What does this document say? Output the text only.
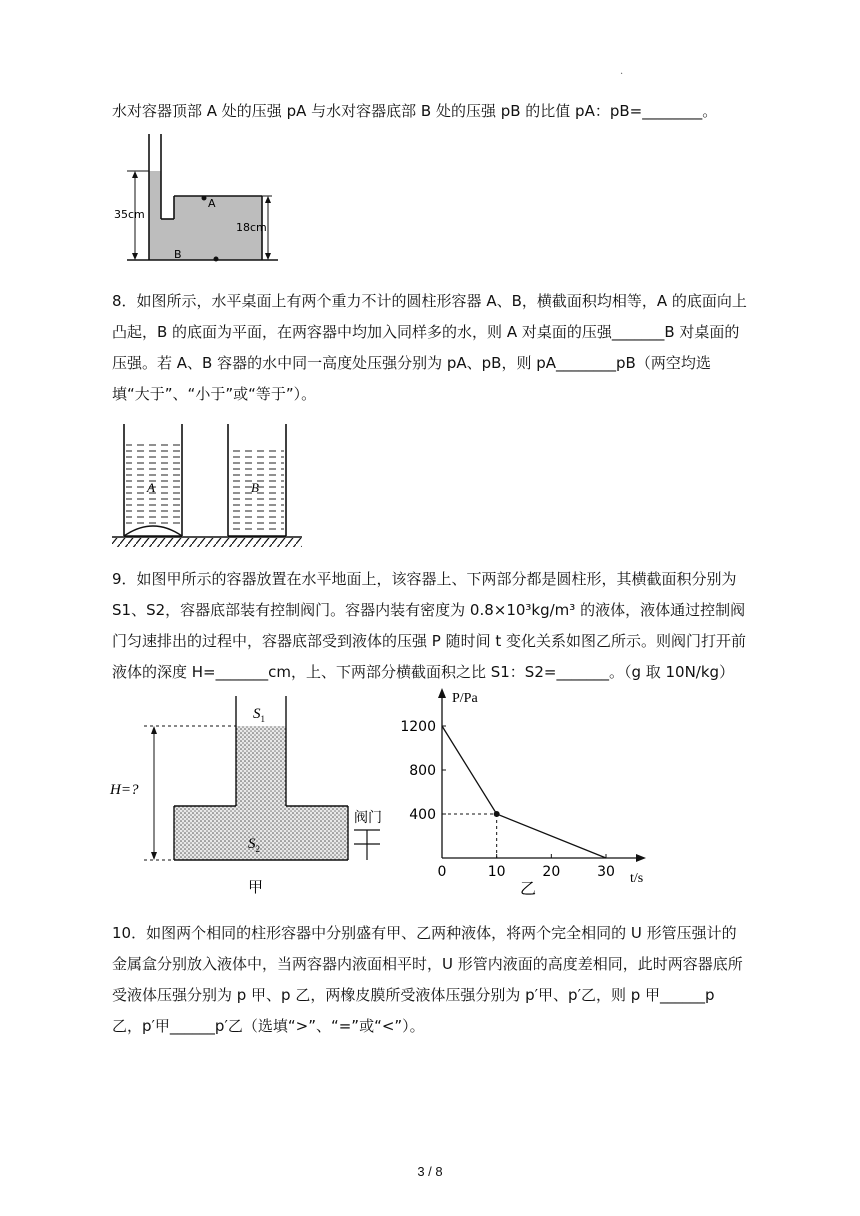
.
水对容器顶部 A 处的压强 pA 与水对容器底部 B 处的压强 pB 的比值 pA：pB=________。
35cm
18cm
A
B
8．如图所示，水平桌面上有两个重力不计的圆柱形容器 A、B，横截面积均相等，A 的底面向上凸起，B 的底面为平面，在两容器中均加入同样多的水，则 A 对桌面的压强_______B 对桌面的压强。若 A、B 容器的水中同一高度处压强分别为 pA、pB，则 pA________pB（两空均选填“大于”、“小于”或“等于”）。
A	B
9．如图甲所示的容器放置在水平地面上，该容器上、下两部分都是圆柱形，其横截面积分别为 S1、S2，容器底部装有控制阀门。容器内装有密度为 0.8×10³kg/m³ 的液体，液体通过控制阀门匀速排出的过程中，容器底部受到液体的压强 P 随时间 t 变化关系如图乙所示。则阀门打开前液体的深度 H=_______cm，上、下两部分横截面积之比 S1：S2=_______。（g 取 10N/kg）
H=?
$S_1$
$S_2$
阀门
甲
P/Pa
t/s
0	10	20	30
400
800
1200
乙
10．如图两个相同的柱形容器中分别盛有甲、乙两种液体，将两个完全相同的 U 形管压强计的金属盒分别放入液体中，当两容器内液面相平时，U 形管内液面的高度差相同，此时两容器底所受液体压强分别为 p 甲、p 乙，两橡皮膜所受液体压强分别为 p′甲、p′乙，则 p 甲______p 乙，p′甲______p′乙（选填“>”、“=”或“<”）。
3 / 8
